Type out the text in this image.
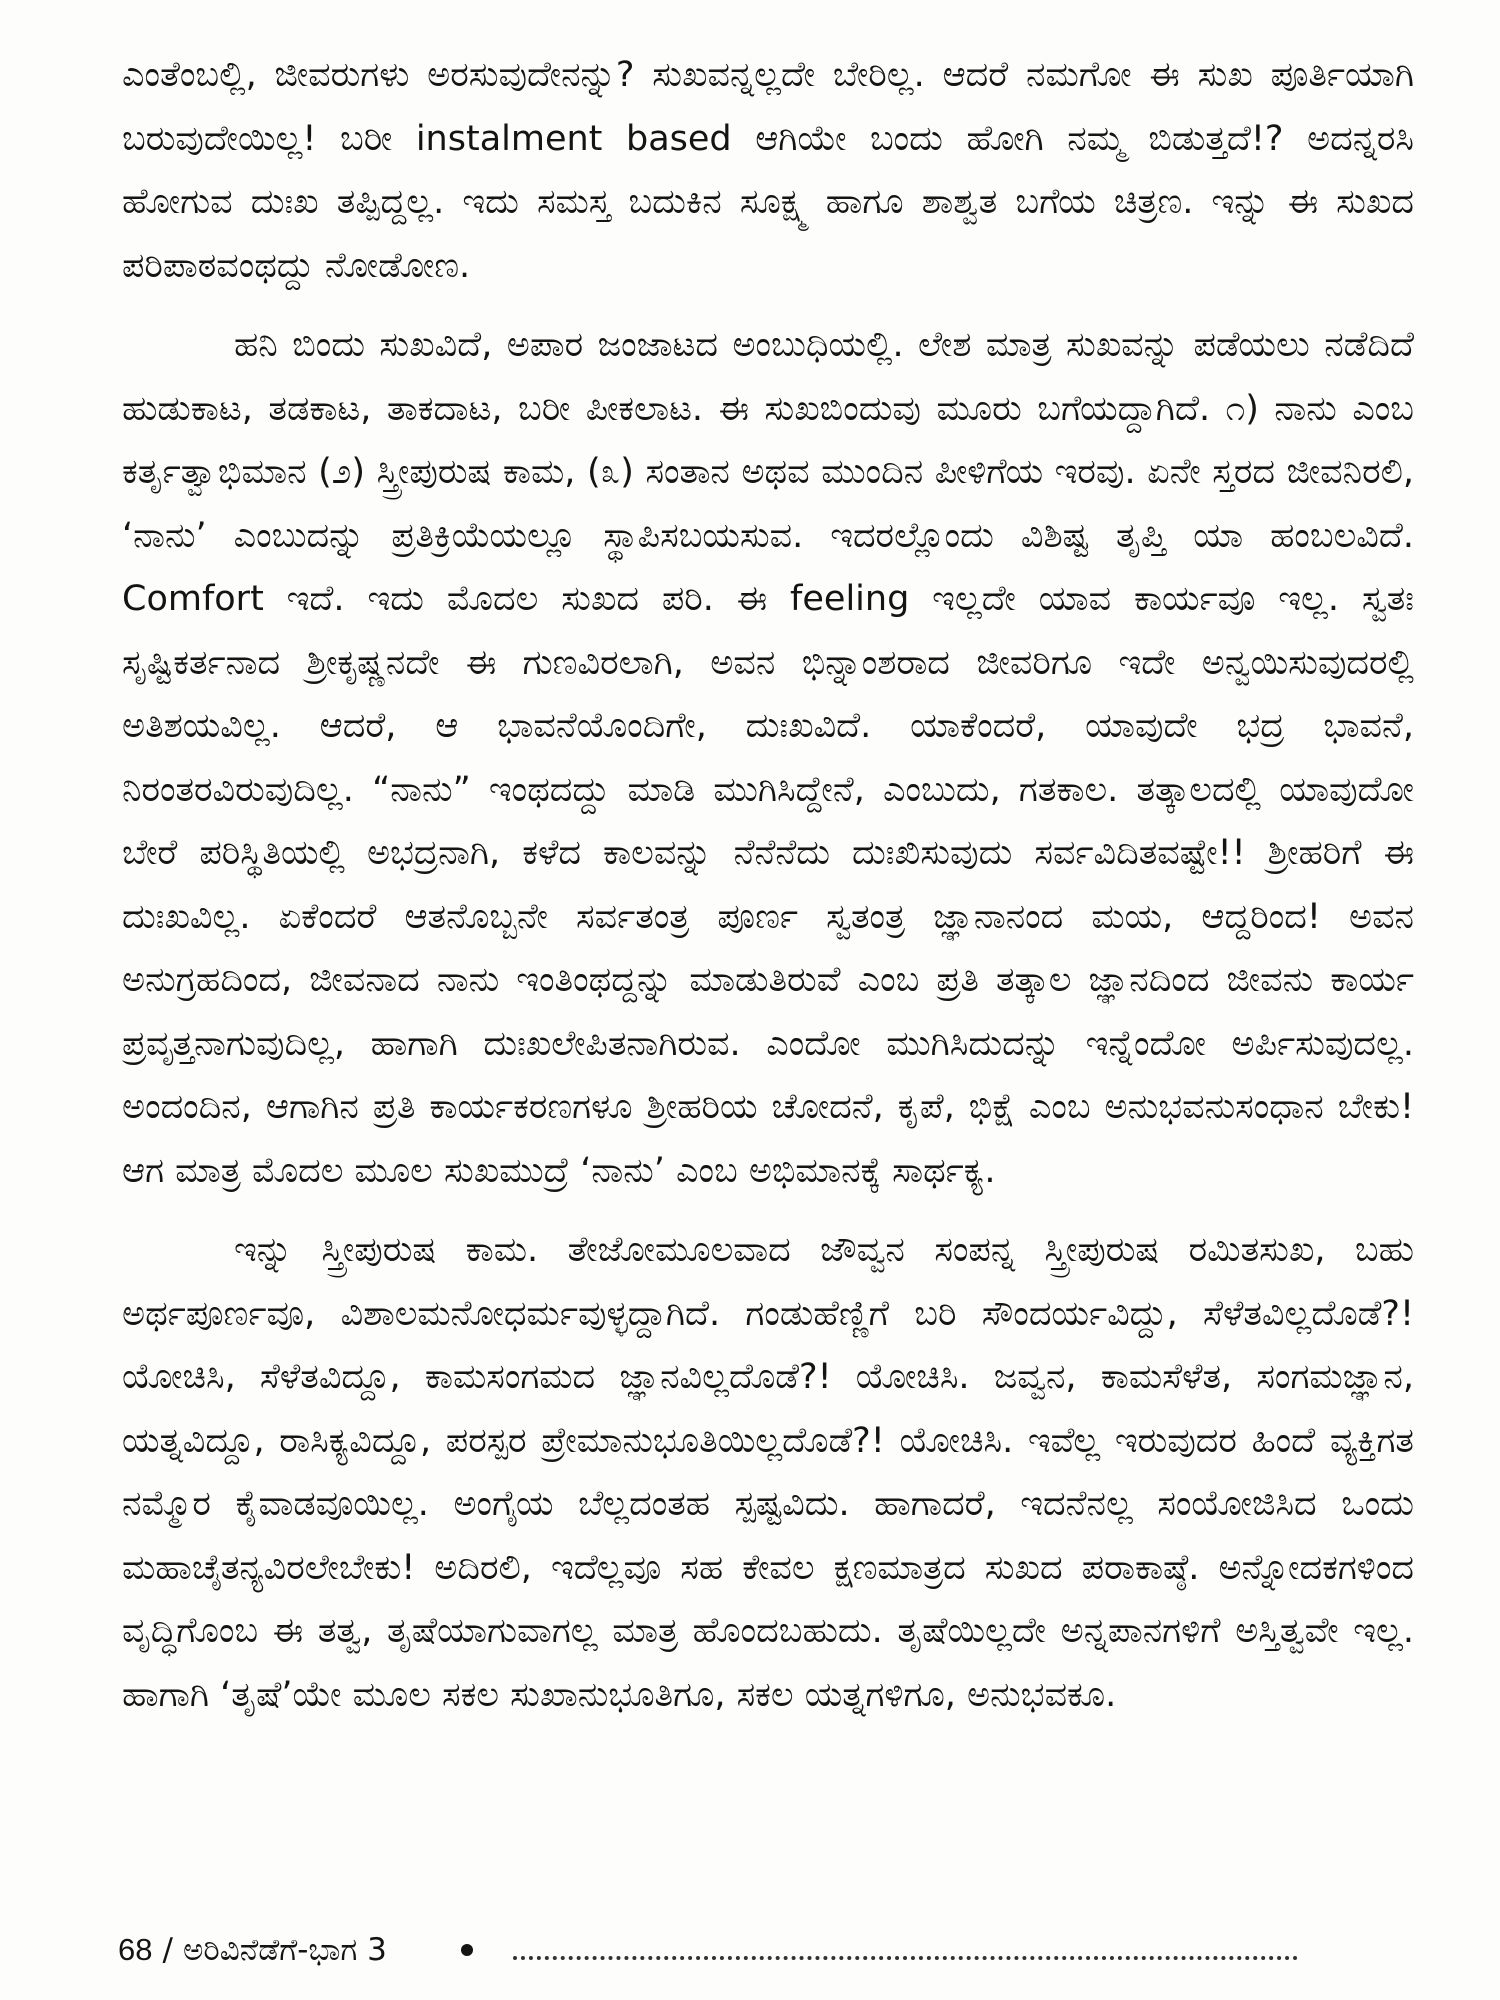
ಎಂತೆಂಬಲ್ಲಿ, ಜೀವರುಗಳು ಅರಸುವುದೇನನ್ನು? ಸುಖವನ್ನಲ್ಲದೇ ಬೇರಿಲ್ಲ. ಆದರೆ ನಮಗೋ ಈ ಸುಖ ಪೂರ್ತಿಯಾಗಿ ಬರುವುದೇಯಿಲ್ಲ! ಬರೀ instalment based ಆಗಿಯೇ ಬಂದು ಹೋಗಿ ನಮ್ಮ ಬಿಡುತ್ತದೆ!? ಅದನ್ನರಸಿ ಹೋಗುವ ದುಃಖ ತಪ್ಪಿದ್ದಲ್ಲ. ಇದು ಸಮಸ್ತ ಬದುಕಿನ ಸೂಕ್ಷ್ಮ ಹಾಗೂ ಶಾಶ್ವತ ಬಗೆಯ ಚಿತ್ರಣ. ಇನ್ನು ಈ ಸುಖದ ಪರಿಪಾಠವಂಥದ್ದು ನೋಡೋಣ.

ಹನಿ ಬಿಂದು ಸುಖವಿದೆ, ಅಪಾರ ಜಂಜಾಟದ ಅಂಬುಧಿಯಲ್ಲಿ. ಲೇಶ ಮಾತ್ರ ಸುಖವನ್ನು ಪಡೆಯಲು ನಡೆದಿದೆ ಹುಡುಕಾಟ, ತಡಕಾಟ, ತಾಕದಾಟ, ಬರೀ ಪೀಕಲಾಟ. ಈ ಸುಖಬಿಂದುವು ಮೂರು ಬಗೆಯದ್ದಾಗಿದೆ. ೧) ನಾನು ಎಂಬ ಕರ್ತೃತ್ವಾಭಿಮಾನ (೨) ಸ್ತ್ರೀಪುರುಷ ಕಾಮ, (೩) ಸಂತಾನ ಅಥವ ಮುಂದಿನ ಪೀಳಿಗೆಯ ಇರವು. ಏನೇ ಸ್ತರದ ಜೀವನಿರಲಿ, ‘ನಾನು’ ಎಂಬುದನ್ನು ಪ್ರತಿಕ್ರಿಯೆಯಲ್ಲೂ ಸ್ಥಾಪಿಸಬಯಸುವ. ಇದರಲ್ಲೊಂದು ವಿಶಿಷ್ಟ ತೃಪ್ತಿ ಯಾ ಹಂಬಲವಿದೆ. Comfort ಇದೆ. ಇದು ಮೊದಲ ಸುಖದ ಪರಿ. ಈ feeling ಇಲ್ಲದೇ ಯಾವ ಕಾರ್ಯವೂ ಇಲ್ಲ. ಸ್ವತಃ ಸೃಷ್ಟಿಕರ್ತನಾದ ಶ್ರೀಕೃಷ್ಣನದೇ ಈ ಗುಣವಿರಲಾಗಿ, ಅವನ ಭಿನ್ನಾಂಶರಾದ ಜೀವರಿಗೂ ಇದೇ ಅನ್ವಯಿಸುವುದರಲ್ಲಿ ಅತಿಶಯವಿಲ್ಲ. ಆದರೆ, ಆ ಭಾವನೆಯೊಂದಿಗೇ, ದುಃಖವಿದೆ. ಯಾಕೆಂದರೆ, ಯಾವುದೇ ಭದ್ರ ಭಾವನೆ, ನಿರಂತರವಿರುವುದಿಲ್ಲ. “ನಾನು” ಇಂಥದದ್ದು ಮಾಡಿ ಮುಗಿಸಿದ್ದೇನೆ, ಎಂಬುದು, ಗತಕಾಲ. ತತ್ಕಾಲದಲ್ಲಿ ಯಾವುದೋ ಬೇರೆ ಪರಿಸ್ಥಿತಿಯಲ್ಲಿ ಅಭದ್ರನಾಗಿ, ಕಳೆದ ಕಾಲವನ್ನು ನೆನೆನೆದು ದುಃಖಿಸುವುದು ಸರ್ವವಿದಿತವಷ್ಟೇ!! ಶ್ರೀಹರಿಗೆ ಈ ದುಃಖವಿಲ್ಲ. ಏಕೆಂದರೆ ಆತನೊಬ್ಬನೇ ಸರ್ವತಂತ್ರ ಪೂರ್ಣ ಸ್ವತಂತ್ರ ಜ್ಞಾನಾನಂದ ಮಯ, ಆದ್ದರಿಂದ! ಅವನ ಅನುಗ್ರಹದಿಂದ, ಜೀವನಾದ ನಾನು ಇಂತಿಂಥದ್ದನ್ನು ಮಾಡುತಿರುವೆ ಎಂಬ ಪ್ರತಿ ತತ್ಕಾಲ ಜ್ಞಾನದಿಂದ ಜೀವನು ಕಾರ್ಯ ಪ್ರವೃತ್ತನಾಗುವುದಿಲ್ಲ, ಹಾಗಾಗಿ ದುಃಖಲೇಪಿತನಾಗಿರುವ. ಎಂದೋ ಮುಗಿಸಿದುದನ್ನು ಇನ್ನೆಂದೋ ಅರ್ಪಿಸುವುದಲ್ಲ. ಅಂದಂದಿನ, ಆಗಾಗಿನ ಪ್ರತಿ ಕಾರ್ಯಕರಣಗಳೂ ಶ್ರೀಹರಿಯ ಚೋದನೆ, ಕೃಪೆ, ಭಿಕ್ಷೆ ಎಂಬ ಅನುಭವನುಸಂಧಾನ ಬೇಕು! ಆಗ ಮಾತ್ರ ಮೊದಲ ಮೂಲ ಸುಖಮುದ್ರೆ ‘ನಾನು’ ಎಂಬ ಅಭಿಮಾನಕ್ಕೆ ಸಾರ್ಥಕ್ಯ.

ಇನ್ನು ಸ್ತ್ರೀಪುರುಷ ಕಾಮ. ತೇಜೋಮೂಲವಾದ ಜೌವ್ವನ ಸಂಪನ್ನ ಸ್ತ್ರೀಪುರುಷ ರಮಿತಸುಖ, ಬಹು ಅರ್ಥಪೂರ್ಣವೂ, ವಿಶಾಲಮನೋಧರ್ಮವುಳ್ಳದ್ದಾಗಿದೆ. ಗಂಡುಹೆಣ್ಣಿಗೆ ಬರಿ ಸೌಂದರ್ಯವಿದ್ದು, ಸೆಳೆತವಿಲ್ಲದೊಡೆ?! ಯೋಚಿಸಿ, ಸೆಳೆತವಿದ್ದೂ, ಕಾಮಸಂಗಮದ ಜ್ಞಾನವಿಲ್ಲದೊಡೆ?! ಯೋಚಿಸಿ. ಜವ್ವನ, ಕಾಮಸೆಳೆತ, ಸಂಗಮಜ್ಞಾನ, ಯತ್ನವಿದ್ದೂ, ರಾಸಿಕ್ಯವಿದ್ದೂ, ಪರಸ್ಪರ ಪ್ರೇಮಾನುಭೂತಿಯಿಲ್ಲದೊಡೆ?! ಯೋಚಿಸಿ. ಇವೆಲ್ಲ ಇರುವುದರ ಹಿಂದೆ ವ್ಯಕ್ತಿಗತ ನಮ್ಮೊರ ಕೈವಾಡವೂಯಿಲ್ಲ. ಅಂಗೈಯ ಬೆಲ್ಲದಂತಹ ಸ್ಪಷ್ಟವಿದು. ಹಾಗಾದರೆ, ಇದನೆನಲ್ಲ ಸಂಯೋಜಿಸಿದ ಒಂದು ಮಹಾಚೈತನ್ಯವಿರಲೇಬೇಕು! ಅದಿರಲಿ, ಇದೆಲ್ಲವೂ ಸಹ ಕೇವಲ ಕ್ಷಣಮಾತ್ರದ ಸುಖದ ಪರಾಕಾಷ್ಠೆ. ಅನ್ನೋದಕಗಳಿಂದ ವೃದ್ಧಿಗೊಂಬ ಈ ತತ್ವ, ತೃಷೆಯಾಗುವಾಗಲ್ಲ ಮಾತ್ರ ಹೊಂದಬಹುದು. ತೃಷೆಯಿಲ್ಲದೇ ಅನ್ನಪಾನಗಳಿಗೆ ಅಸ್ತಿತ್ವವೇ ಇಲ್ಲ. ಹಾಗಾಗಿ ‘ತೃಷೆ’ಯೇ ಮೂಲ ಸಕಲ ಸುಖಾನುಭೂತಿಗೂ, ಸಕಲ ಯತ್ನಗಳಿಗೂ, ಅನುಭವಕೂ.

68 / ಅರಿವಿನೆಡೆಗೆ-ಭಾಗ 3
